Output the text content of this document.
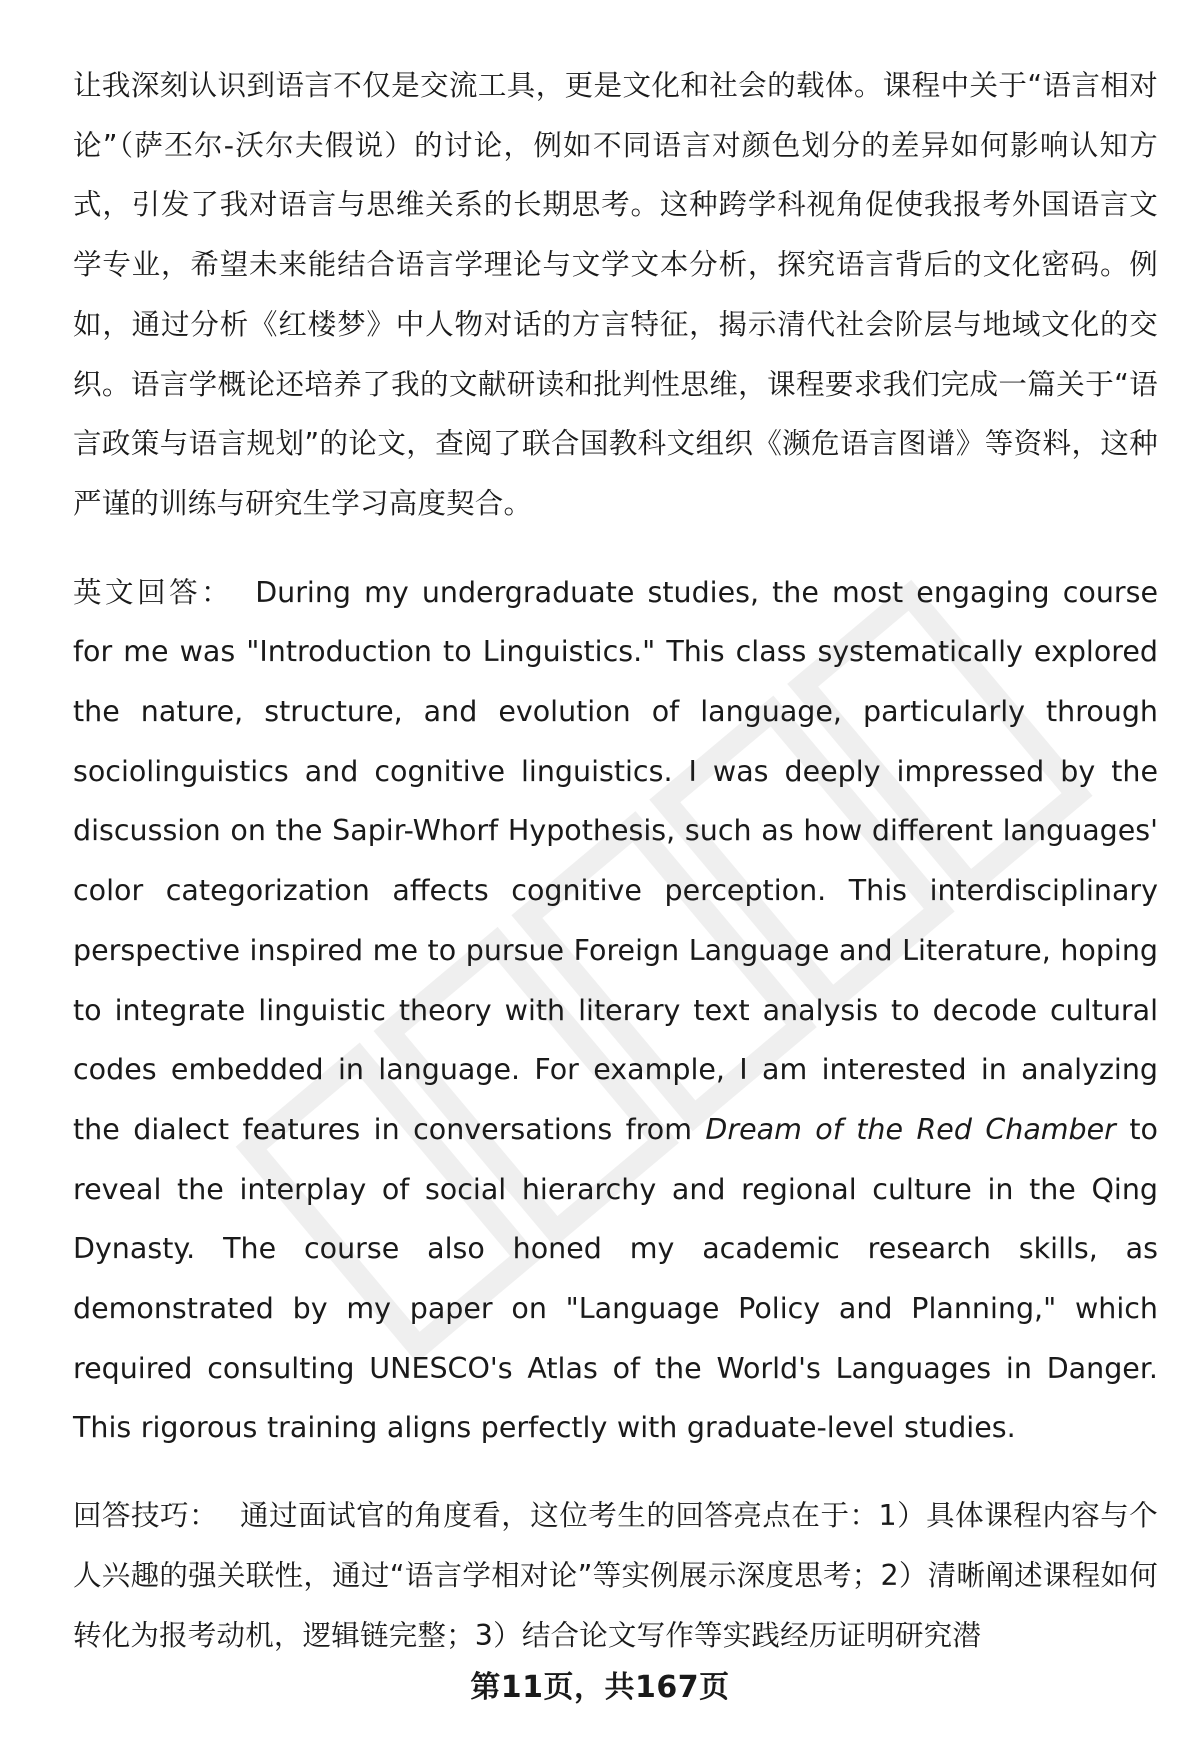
让我深刻认识到语言不仅是交流工具，更是文化和社会的载体。课程中关于“语言相对论”（萨丕尔-沃尔夫假说）的讨论，例如不同语言对颜色划分的差异如何影响认知方式，引发了我对语言与思维关系的长期思考。这种跨学科视角促使我报考外国语言文学专业，希望未来能结合语言学理论与文学文本分析，探究语言背后的文化密码。例如，通过分析《红楼梦》中人物对话的方言特征，揭示清代社会阶层与地域文化的交织。语言学概论还培养了我的文献研读和批判性思维，课程要求我们完成一篇关于“语言政策与语言规划”的论文，查阅了联合国教科文组织《濒危语言图谱》等资料，这种严谨的训练与研究生学习高度契合。

英文回答： During my undergraduate studies, the most engaging course for me was "Introduction to Linguistics." This class systematically explored the nature, structure, and evolution of language, particularly through sociolinguistics and cognitive linguistics. I was deeply impressed by the discussion on the Sapir-Whorf Hypothesis, such as how different languages' color categorization affects cognitive perception. This interdisciplinary perspective inspired me to pursue Foreign Language and Literature, hoping to integrate linguistic theory with literary text analysis to decode cultural codes embedded in language. For example, I am interested in analyzing the dialect features in conversations from Dream of the Red Chamber to reveal the interplay of social hierarchy and regional culture in the Qing Dynasty. The course also honed my academic research skills, as demonstrated by my paper on "Language Policy and Planning," which required consulting UNESCO's Atlas of the World's Languages in Danger. This rigorous training aligns perfectly with graduate-level studies.

回答技巧： 通过面试官的角度看，这位考生的回答亮点在于：1）具体课程内容与个人兴趣的强关联性，通过“语言学相对论”等实例展示深度思考；2）清晰阐述课程如何转化为报考动机，逻辑链完整；3）结合论文写作等实践经历证明研究潜

第11页，共167页
